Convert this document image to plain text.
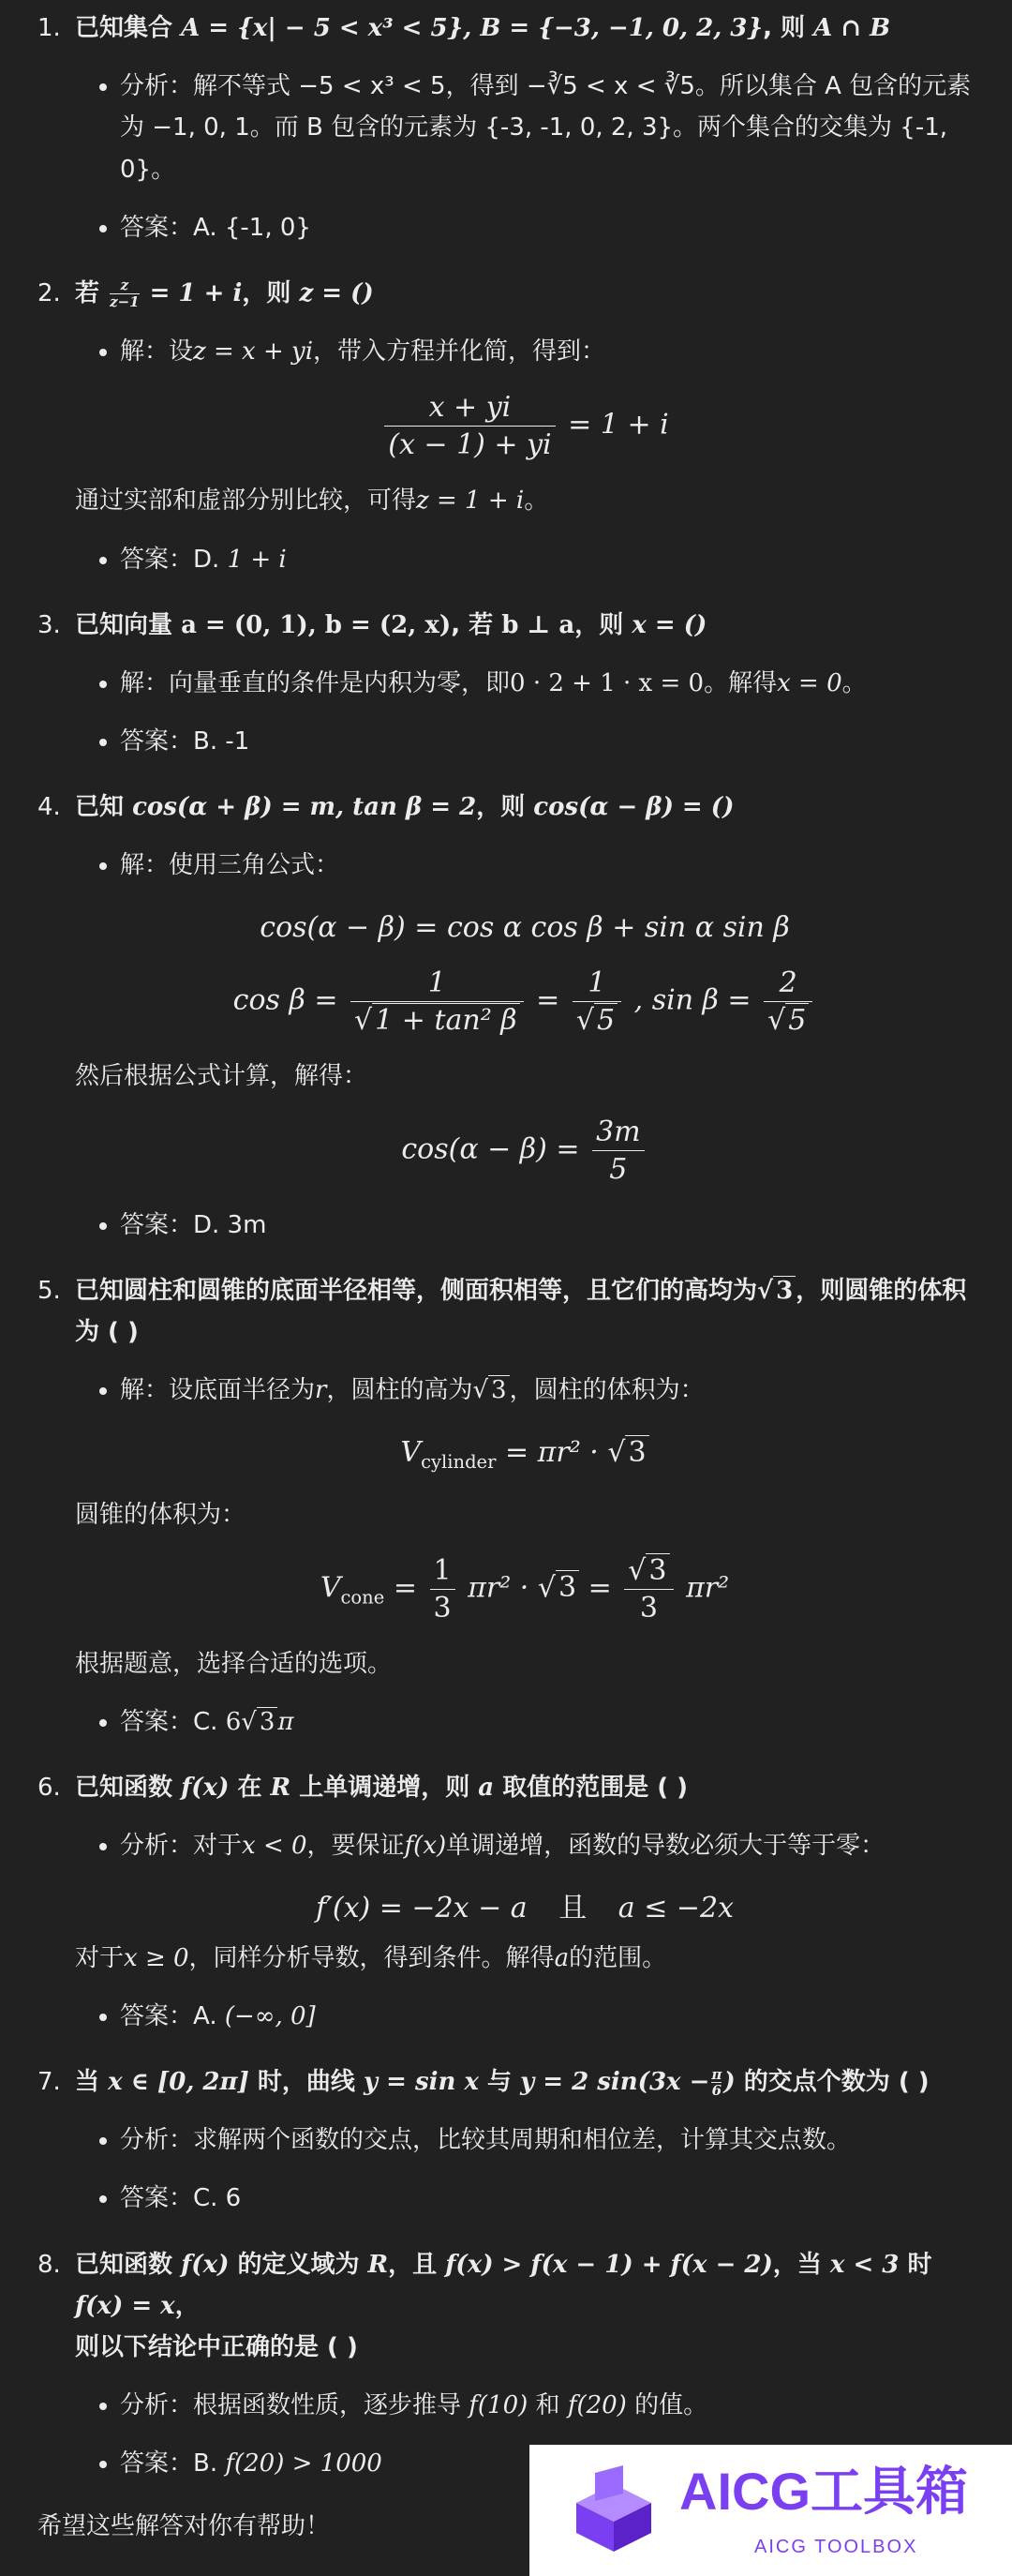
1. 已知集合 A = {x| − 5 < x³ < 5}, B = {−3, −1, 0, 2, 3}, 则 A ∩ B

• 分析：解不等式 −5 < x³ < 5，得到 −∛5 < x < ∛5。所以集合 A 包含的元素为 −1, 0, 1。而 B 包含的元素为 {-3, -1, 0, 2, 3}。两个集合的交集为 {-1, 0}。
• 答案：A. {-1, 0}

2. 若 $\frac{z}{z-1} = 1 + i$，则 z = ()

• 解：设z = x + yi，带入方程并化简，得到：
$\frac{x + yi}{(x - 1) + yi} = 1 + i$
通过实部和虚部分别比较，可得z = 1 + i。
• 答案：D. 1 + i

3. 已知向量 a = (0, 1), b = (2, x), 若 b ⊥ a，则 x = ()

• 解：向量垂直的条件是内积为零，即0 · 2 + 1 · x = 0。解得x = 0。
• 答案：B. -1

4. 已知 cos(α + β) = m, tan β = 2，则 cos(α − β) = ()

• 解：使用三角公式：
cos(α − β) = cos α cos β + sin α sin β
$\cos \beta = \frac{1}{\text{√ 1 + tan² β}} = \frac{1}{√ 5}$ , $\sin \beta = \frac{2}{√ 5}$
然后根据公式计算，解得：
$\cos(\alpha - \beta) = \frac{3m}{5}$
• 答案：D. 3m

5. 已知圆柱和圆锥的底面半径相等，侧面积相等，且它们的高均为√ 3 ，则圆锥的体积为 ( )

• 解：设底面半径为r，圆柱的高为√ 3 ，圆柱的体积为：
$V_{cylinder} = \pi r^2$ · √ 3
圆锥的体积为：
$V_{cone} = \frac{1}{3} \pi r^2$ · √ $3 = \frac{√ 3}{3} \pi r^2$
根据题意，选择合适的选项。
• 答案：C. 6√ 3 π

6. 已知函数 f(x) 在 R 上单调递增，则 a 取值的范围是 ( )

• 分析：对于x < 0，要保证f(x)单调递增，函数的导数必须大于等于零：
f′(x) = −2x − a 且 a ≤ −2x
对于x ≥ 0，同样分析导数，得到条件。解得a的范围。
• 答案：A. (−∞, 0]

7. 当 x ∈ [0, 2π] 时，曲线 y = sin x 与 y = 2 $\sin(3x - \frac{\pi}{6}$ ) 的交点个数为 ( )

• 分析：求解两个函数的交点，比较其周期和相位差，计算其交点数。
• 答案：C. 6

8. 已知函数 f(x) 的定义域为 R，且 f(x) > f(x − 1) + f(x − 2)，当 x < 3 时 f(x) = x，
则以下结论中正确的是 ( )

• 分析：根据函数性质，逐步推导 f(10) 和 f(20) 的值。
• 答案：B. f(20) > 1000
希望这些解答对你有帮助！
AICG工具箱
AICG TOOLBOX
